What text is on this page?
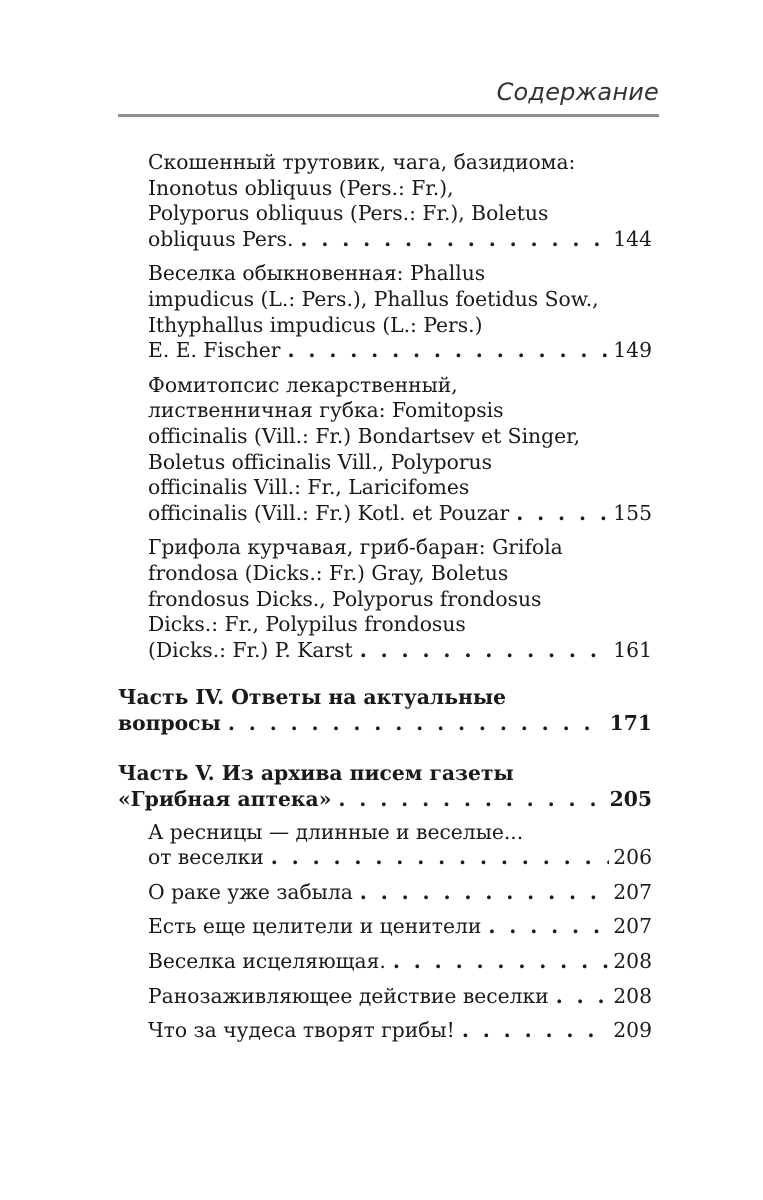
Содержание
Скошенный трутовик, чага, базидиома:
Inonotus obliquus (Pers.: Fr.),
Polyporus obliquus (Pers.: Fr.), Boletus
obliquus Pers. . . .	144
Веселка обыкновенная: Phallus
impudicus (L.: Pers.), Phallus foetidus Sow.,
Ithyphallus impudicus (L.: Pers.)
E. E. Fischer . . .	149
Фомитопсис лекарственный,
лиственничная губка: Fomitopsis
officinalis (Vill.: Fr.) Bondartsev et Singer,
Boletus officinalis Vill., Polyporus
officinalis Vill.: Fr., Laricifomes
officinalis (Vill.: Fr.) Kotl. et Pouzar . . .	155
Грифола курчавая, гриб-баран: Grifola
frondosa (Dicks.: Fr.) Gray, Boletus
frondosus Dicks., Polyporus frondosus
Dicks.: Fr., Polypilus frondosus
(Dicks.: Fr.) P. Karst . . .	161
Часть IV. Ответы на актуальные
вопросы . . .	171
Часть V. Из архива писем газеты
«Грибная аптека» . . .	205
А ресницы — длинные и веселые...
от веселки . . .	206
О раке уже забыла . . .	207
Есть еще целители и ценители . . .	207
Веселка исцеляющая. . . .	208
Ранозаживляющее действие веселки . . .	208
Что за чудеса творят грибы! . . .	209
